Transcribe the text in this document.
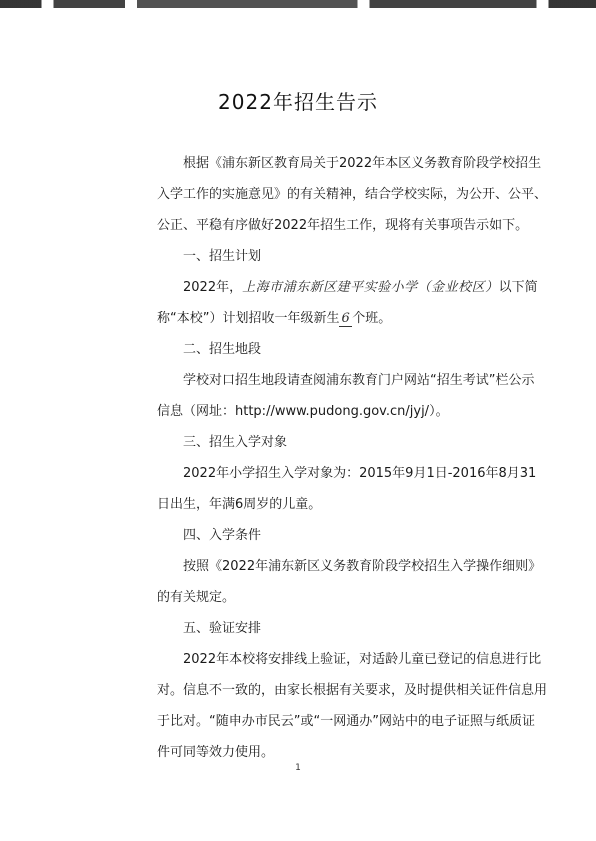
2022年招生告示

根据《浦东新区教育局关于2022年本区义务教育阶段学校招生入学工作的实施意见》的有关精神，结合学校实际，为公开、公平、公正、平稳有序做好2022年招生工作，现将有关事项告示如下。

一、招生计划

2022年，上海市浦东新区建平实验小学（金业校区）以下简称“本校”）计划招收一年级新生 6 个班。

二、招生地段

学校对口招生地段请查阅浦东教育门户网站“招生考试”栏公示信息（网址：http://www.pudong.gov.cn/jyj/）。

三、招生入学对象

2022年小学招生入学对象为：2015年9月1日-2016年8月31日出生，年满6周岁的儿童。

四、入学条件

按照《2022年浦东新区义务教育阶段学校招生入学操作细则》的有关规定。

五、验证安排

2022年本校将安排线上验证，对适龄儿童已登记的信息进行比对。信息不一致的，由家长根据有关要求，及时提供相关证件信息用于比对。“随申办市民云”或“一网通办”网站中的电子证照与纸质证件可同等效力使用。

1
